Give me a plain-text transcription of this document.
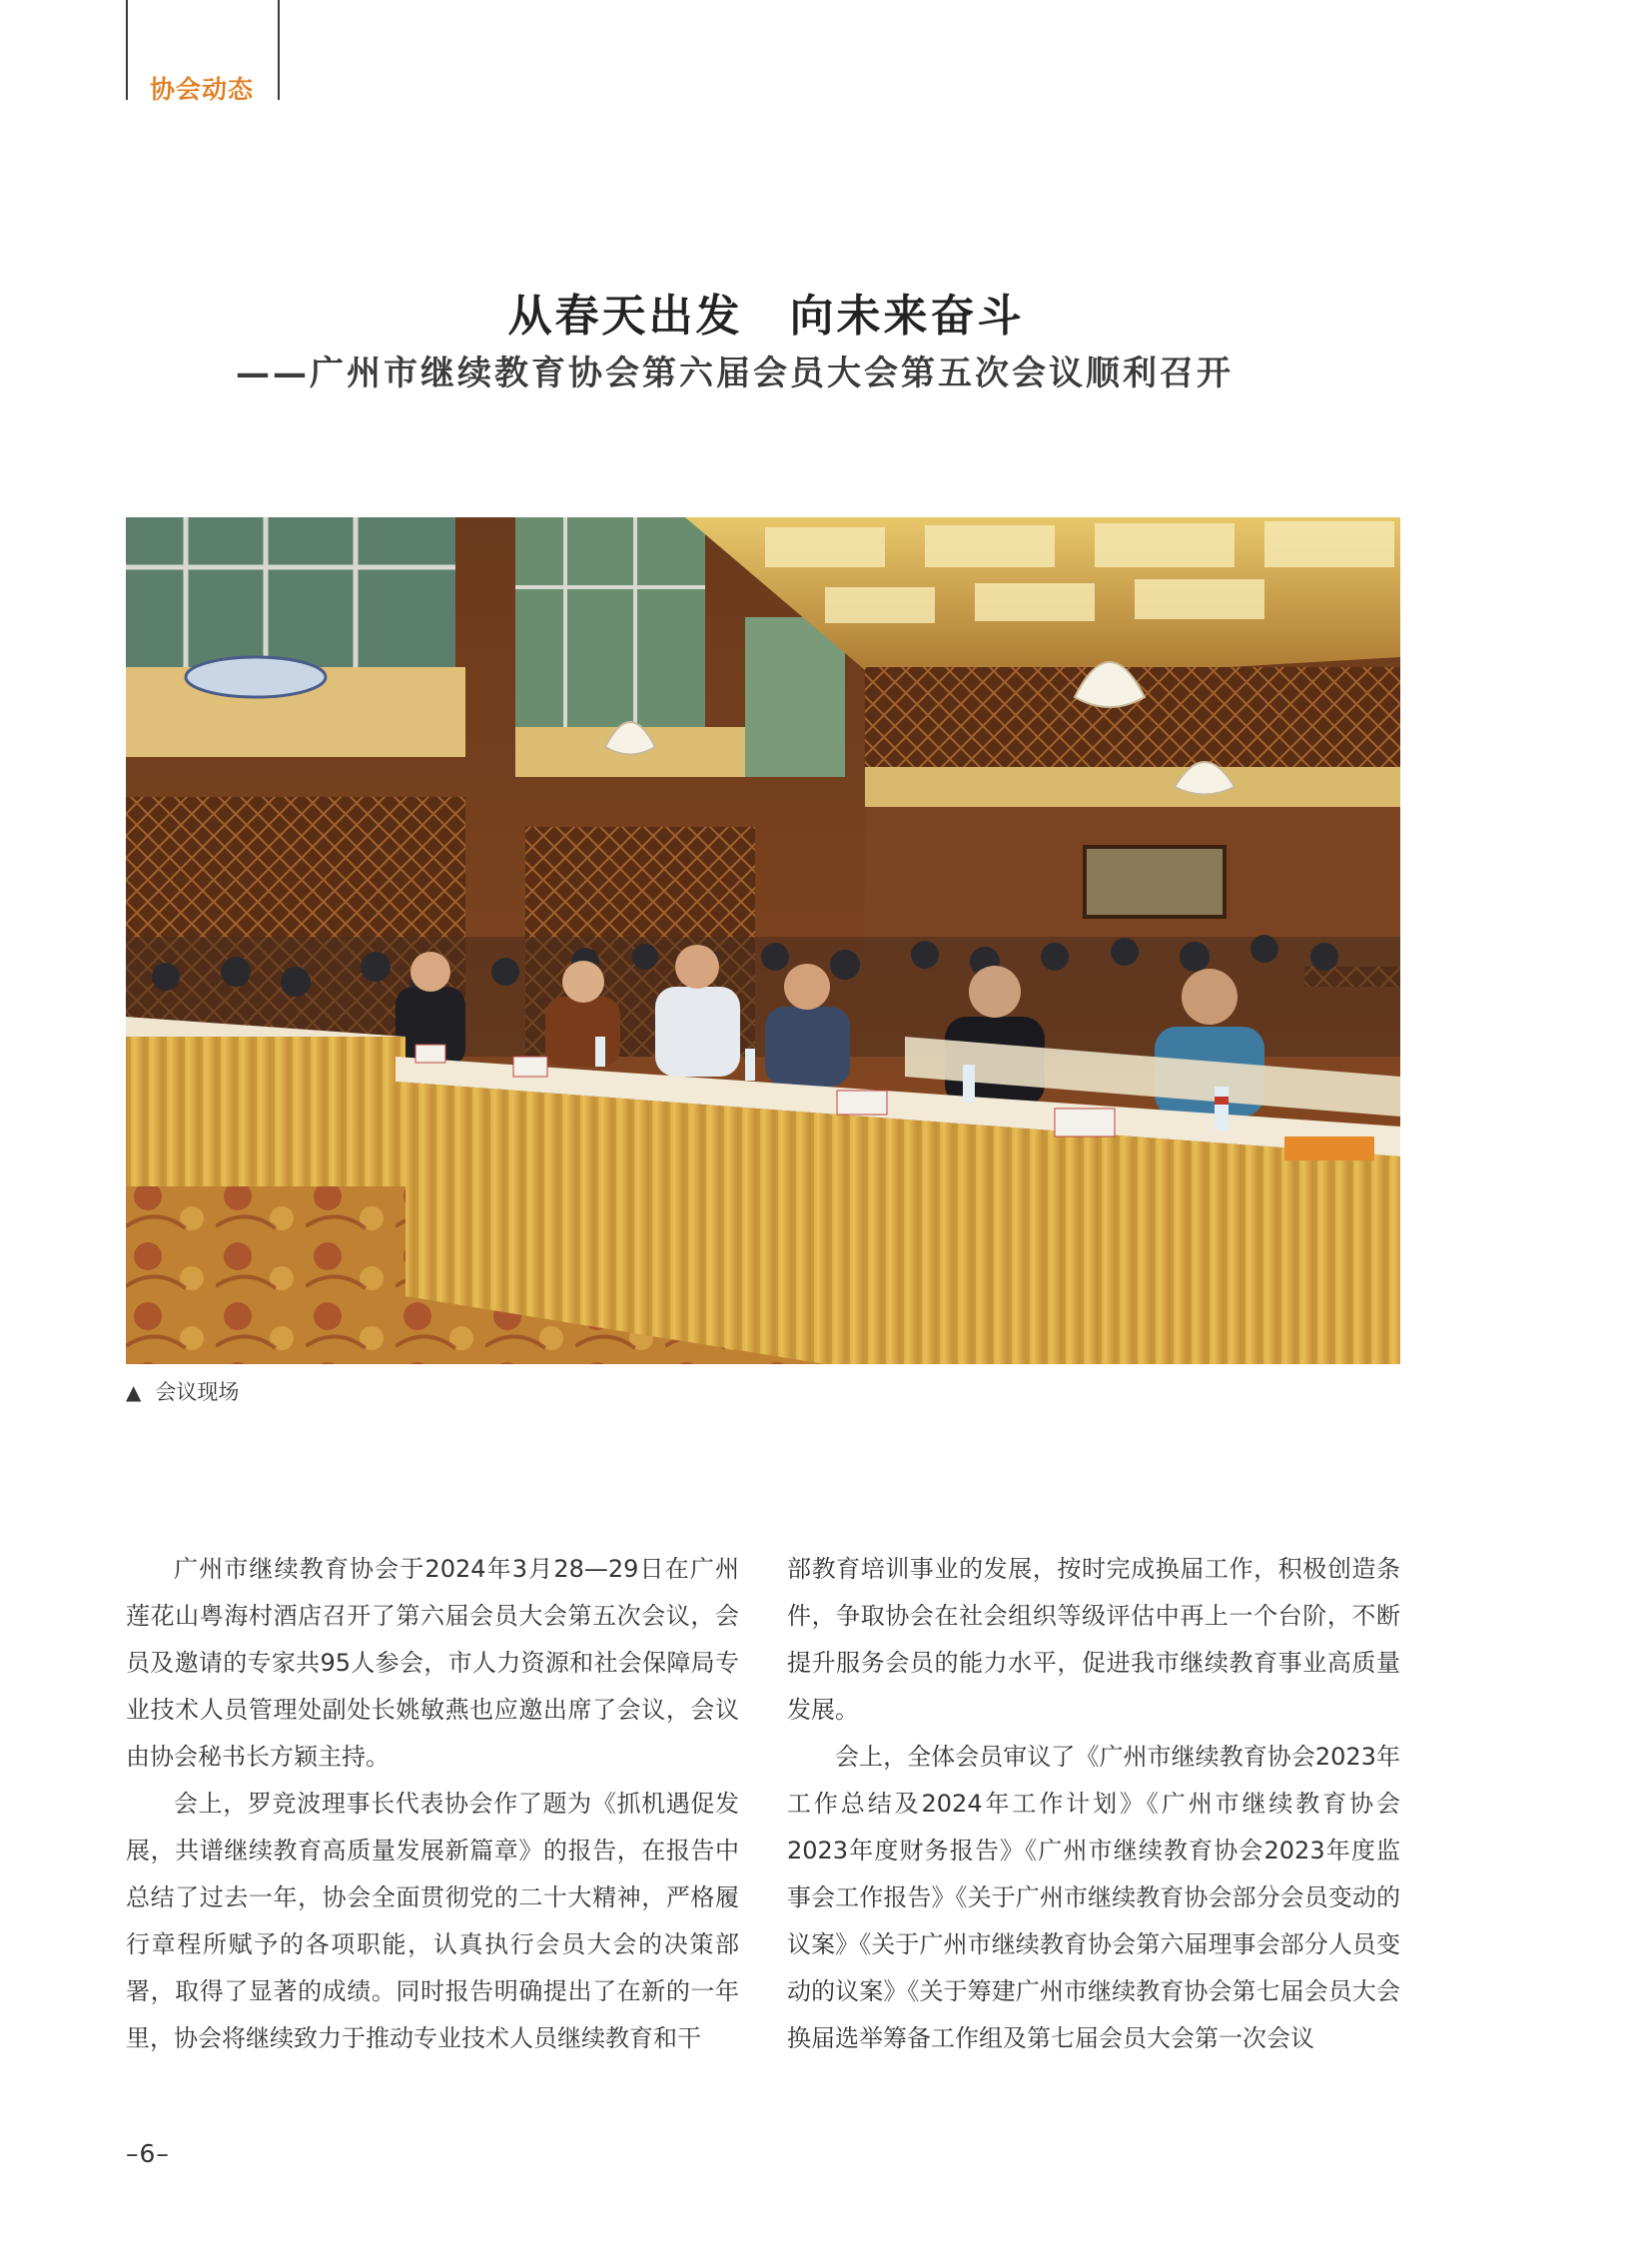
协会动态
从春天出发　向未来奋斗
——广州市继续教育协会第六届会员大会第五次会议顺利召开
▲ 会议现场

广州市继续教育协会于2024年3月28—29日在广州莲花山粤海村酒店召开了第六届会员大会第五次会议，会员及邀请的专家共95人参会，市人力资源和社会保障局专业技术人员管理处副处长姚敏燕也应邀出席了会议，会议由协会秘书长方颖主持。

会上，罗竞波理事长代表协会作了题为《抓机遇促发展，共谱继续教育高质量发展新篇章》的报告，在报告中总结了过去一年，协会全面贯彻党的二十大精神，严格履行章程所赋予的各项职能，认真执行会员大会的决策部署，取得了显著的成绩。同时报告明确提出了在新的一年里，协会将继续致力于推动专业技术人员继续教育和干

部教育培训事业的发展，按时完成换届工作，积极创造条件，争取协会在社会组织等级评估中再上一个台阶，不断提升服务会员的能力水平，促进我市继续教育事业高质量发展。

会上，全体会员审议了《广州市继续教育协会2023年工作总结及2024年工作计划》《广州市继续教育协会2023年度财务报告》《广州市继续教育协会2023年度监事会工作报告》《关于广州市继续教育协会部分会员变动的议案》《关于广州市继续教育协会第六届理事会部分人员变动的议案》《关于筹建广州市继续教育协会第七届会员大会换届选举筹备工作组及第七届会员大会第一次会议

–6–
